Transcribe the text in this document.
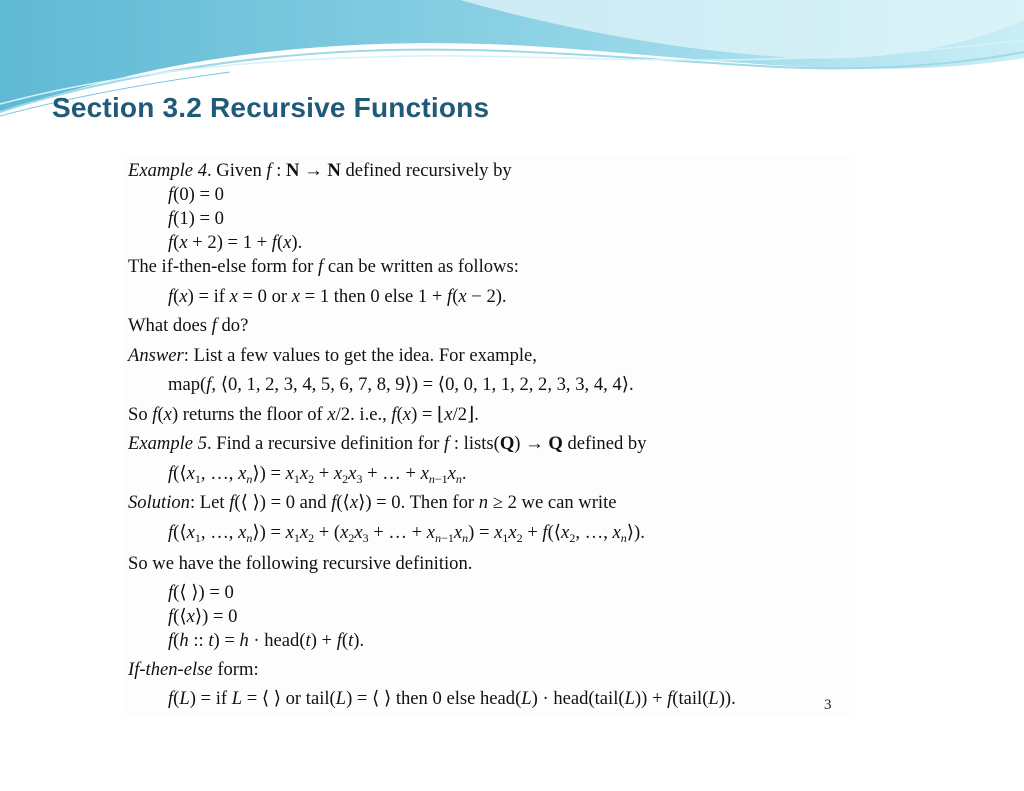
Section 3.2 Recursive Functions
Example 4. Given f : N → N defined recursively by
f(0) = 0
f(1) = 0
f(x + 2) = 1 + f(x).
The if-then-else form for f can be written as follows:
f(x) = if x = 0 or x = 1 then 0 else 1 + f(x − 2).
What does f do?
Answer: List a few values to get the idea. For example,
map(f, ⟨0, 1, 2, 3, 4, 5, 6, 7, 8, 9⟩) = ⟨0, 0, 1, 1, 2, 2, 3, 3, 4, 4⟩.
So f(x) returns the floor of x/2. i.e., f(x) = ⌊x/2⌋.
Example 5. Find a recursive definition for f : lists(Q) → Q defined by
$f(⟨x_1$, …, $x_n⟩) = x_1x_2 + x_2x_3$ + … + $x_{n-1}x_n$.
Solution: Let f(⟨ ⟩) = 0 and f(⟨x⟩) = 0. Then for n ≥ 2 we can write
$f(⟨x_1$, …, $x_n⟩) = x_1x_2 + (x_2x_3$ + … + $x_{n-1}x_n) = x_1x_2$ + $f(⟨x_2$, …, $x_n⟩$).
So we have the following recursive definition.
f(⟨ ⟩) = 0
f(⟨x⟩) = 0
f(h :: t) = h · head(t) + f(t).
If-then-else form:
f(L) = if L = ⟨ ⟩ or tail(L) = ⟨ ⟩ then 0 else head(L) · head(tail(L)) + f(tail(L)).	3
